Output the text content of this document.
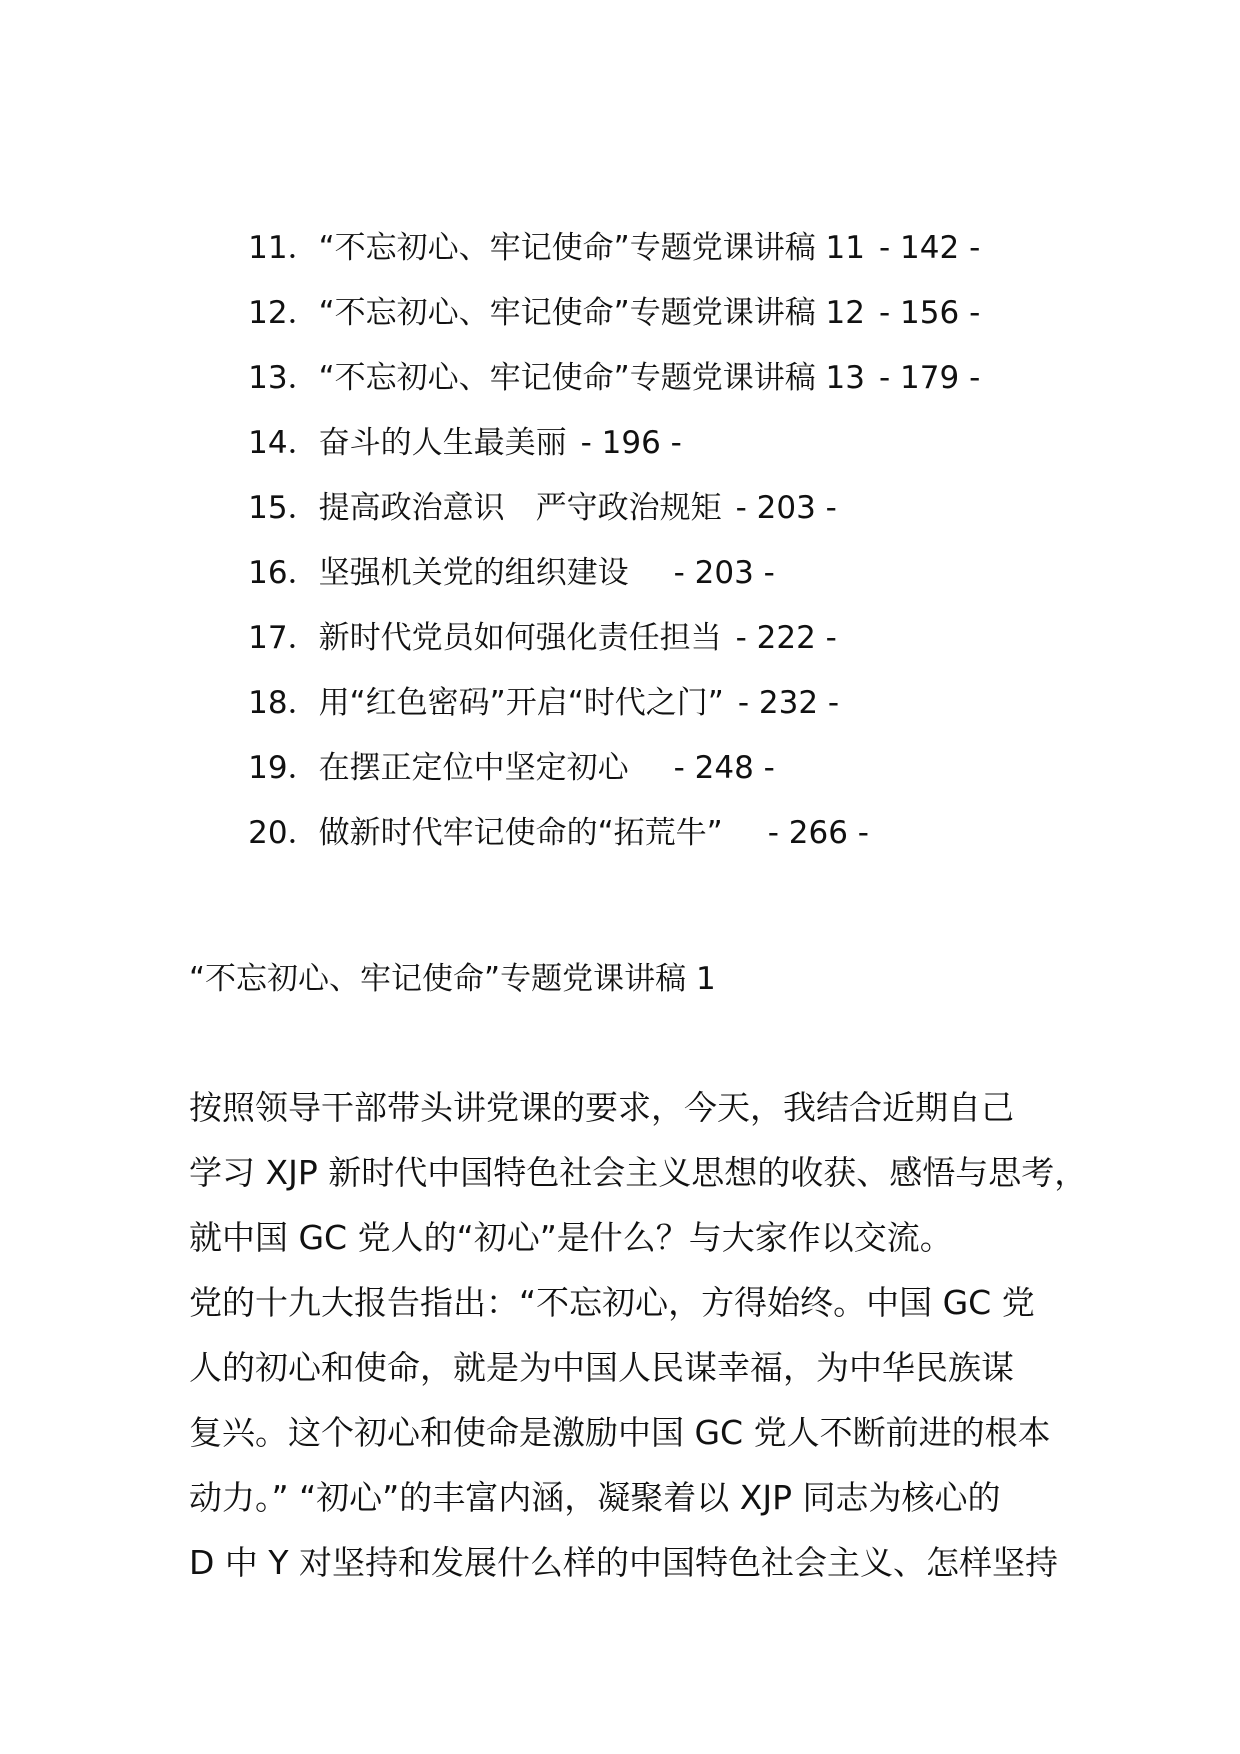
11．“不忘初心、牢记使命”专题党课讲稿 11 - 142 -

12．“不忘初心、牢记使命”专题党课讲稿 12 - 156 -

13．“不忘初心、牢记使命”专题党课讲稿 13 - 179 -

14．奋斗的人生最美丽 - 196 -

15．提高政治意识　严守政治规矩 - 203 -

16．坚强机关党的组织建设　- 203 -

17．新时代党员如何强化责任担当 - 222 -

18．用“红色密码”开启“时代之门” - 232 -

19．在摆正定位中坚定初心　- 248 -

20．做新时代牢记使命的“拓荒牛”　- 266 -

“不忘初心、牢记使命”专题党课讲稿 1
按照领导干部带头讲党课的要求，今天，我结合近期自己
学习 XJP 新时代中国特色社会主义思想的收获、感悟与思考，
就中国 GC 党人的“初心”是什么？与大家作以交流。
党的十九大报告指出：“不忘初心，方得始终。中国 GC 党
人的初心和使命，就是为中国人民谋幸福，为中华民族谋
复兴。这个初心和使命是激励中国 GC 党人不断前进的根本
动力。” “初心”的丰富内涵，凝聚着以 XJP 同志为核心的
D 中 Y 对坚持和发展什么样的中国特色社会主义、怎样坚持
